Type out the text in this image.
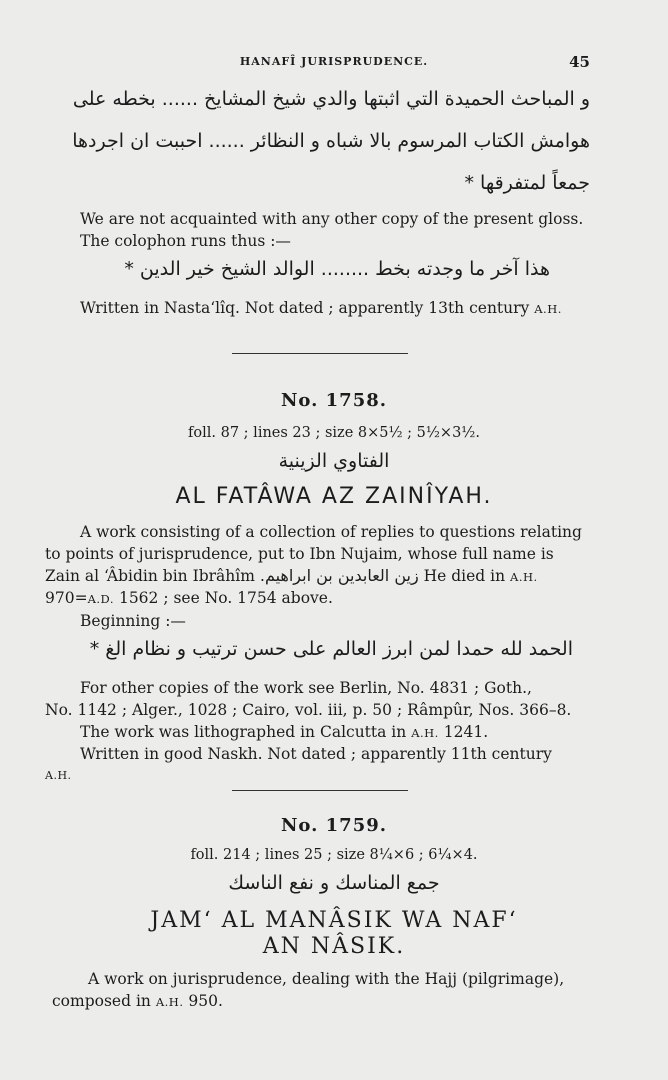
HANAFÎ JURISPRUDENCE.	45
و المباحث الحميدة التي اثبتها والدي شيخ المشايخ ...... بخطه على
هوامش الكتاب المرسوم بالا شباه و النظائر ...... احببت ان اجردها
جمعاً لمتفرقها *
We are not acquainted with any other copy of the present gloss.
The colophon runs thus :—
هذا آخر ما وجدته بخط ........ الوالد الشيخ خير الدين *
Written in Nasta‘lîq. Not dated ; apparently 13th century A.H.
No. 1758.
foll. 87 ; lines 23 ; size 8×5½ ; 5½×3½.
الفتاوي الزينية
AL FATÂWA AZ ZAINÎYAH.
A work consisting of a collection of replies to questions relating
to points of jurisprudence, put to Ibn Nujaim, whose full name is
Zain al ‘Âbidin bin Ibrâhîm زين العابدين بن ابراهيم. He died in A.H.
970=A.D. 1562 ; see No. 1754 above.
Beginning :—
الحمد لله حمدا لمن ابرز العالم على حسن ترتيب و نظام الغ *
For other copies of the work see Berlin, No. 4831 ; Goth.,
No. 1142 ; Alger., 1028 ; Cairo, vol. iii, p. 50 ; Râmpûr, Nos. 366–8.
The work was lithographed in Calcutta in A.H. 1241.
Written in good Naskh. Not dated ; apparently 11th century
A.H.
No. 1759.
foll. 214 ; lines 25 ; size 8¼×6 ; 6¼×4.
جمع المناسك و نفع الناسك
JAM‘ AL MANÂSIK WA NAF‘
AN NÂSIK.
A work on jurisprudence, dealing with the Hajj (pilgrimage),
composed in A.H. 950.
